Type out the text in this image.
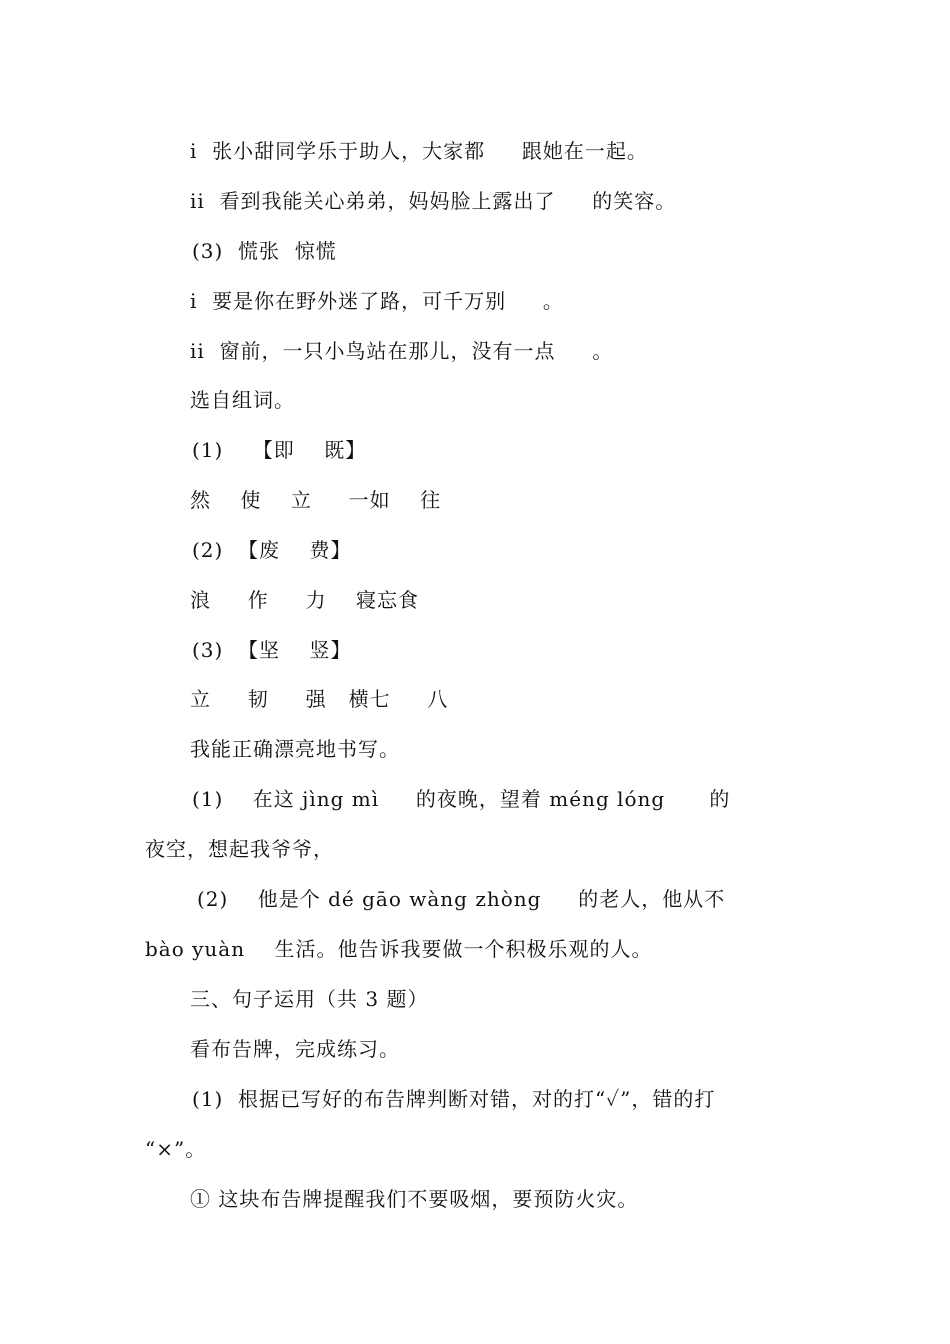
i  张小甜同学乐于助人，大家都     跟她在一起。
ii  看到我能关心弟弟，妈妈脸上露出了     的笑容。
(3)  慌张  惊慌
i  要是你在野外迷了路，可千万别     。
ii  窗前，一只小鸟站在那儿，没有一点     。
选自组词。
(1)    【即    既】
然    使    立     一如    往
(2)  【废    费】
浪     作     力    寝忘食
(3)  【坚    竖】
立     韧     强   横七     八
我能正确漂亮地书写。
(1)    在这 jìng mì     的夜晚，望着 méng lóng      的
夜空，想起我爷爷，
(2)    他是个 dé gāo wàng zhòng     的老人，他从不
bào yuàn    生活。他告诉我要做一个积极乐观的人。
三、句子运用（共 3 题）
看布告牌，完成练习。
(1)  根据已写好的布告牌判断对错，对的打“✓”，错的打
“×”。
① 这块布告牌提醒我们不要吸烟，要预防火灾。
